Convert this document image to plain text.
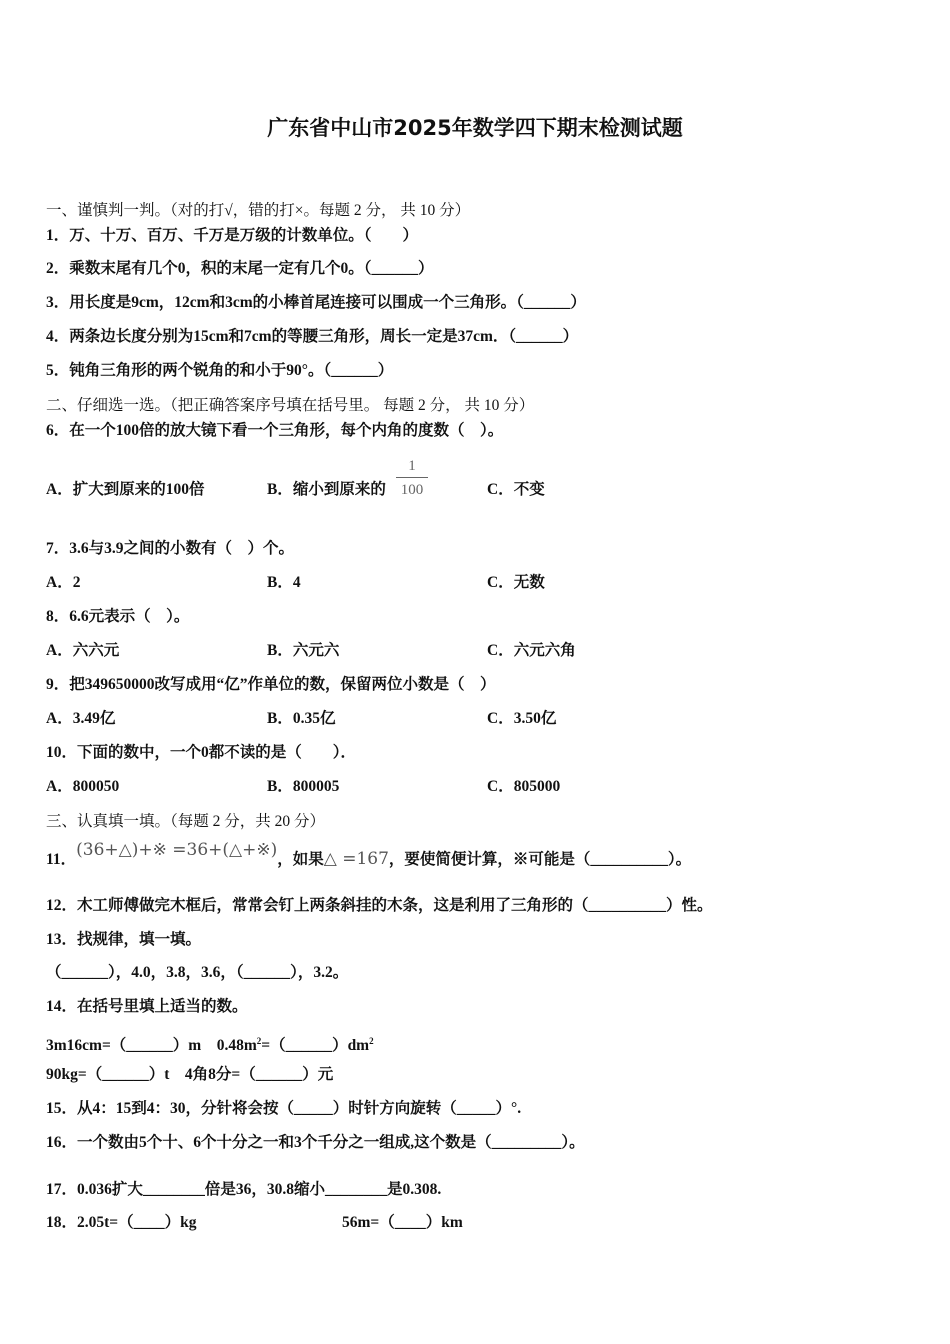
广东省中山市2025年数学四下期末检测试题
一、谨慎判一判。（对的打√，错的打×。每题 2 分， 共 10 分）
1．万、十万、百万、千万是万级的计数单位。（　　）
2．乘数末尾有几个0，积的末尾一定有几个0。（______）
3．用长度是9cm，12cm和3cm的小棒首尾连接可以围成一个三角形。（______）
4．两条边长度分别为15cm和7cm的等腰三角形，周长一定是37cm．（______）
5．钝角三角形的两个锐角的和小于90°。（______）
二、仔细选一选。（把正确答案序号填在括号里。 每题 2 分， 共 10 分）
6．在一个100倍的放大镜下看一个三角形，每个内角的度数（　）。
A．扩大到原来的100倍	B．缩小到原来的
1
100	C．不变
7．3.6与3.9之间的小数有（　）个。
A．2	B．4	C．无数
8．6.6元表示（　）。
A．六六元	B．六元六	C．六元六角
9．把349650000改写成用“亿”作单位的数，保留两位小数是（　）
A．3.49亿	B．0.35亿	C．3.50亿
10．下面的数中，一个0都不读的是（　　）．
A．800050	B．800005	C．805000
三、认真填一填。（每题 2 分，共 20 分）
11．(36+△)+※ =36+(△+※)，如果△ =167，要使简便计算，※可能是（__________）。
12．木工师傅做完木框后，常常会钉上两条斜挂的木条，这是利用了三角形的（__________）性。
13．找规律，填一填。
（______），4.0，3.8，3.6，（______），3.2。
14．在括号里填上适当的数。
3m16cm=（______）m　$0.48m^2=(\_\_\_\_\_\_)dm^2$
90kg=（______）t　4角8分=（______）元
15．从4：15到4：30，分针将会按（_____）时针方向旋转（_____）°.
16．一个数由5个十、6个十分之一和3个千分之一组成,这个数是（_________）。
17．0.036扩大________倍是36，30.8缩小________是0.308.
18．2.05t=（____）kg	56m=（____）km
